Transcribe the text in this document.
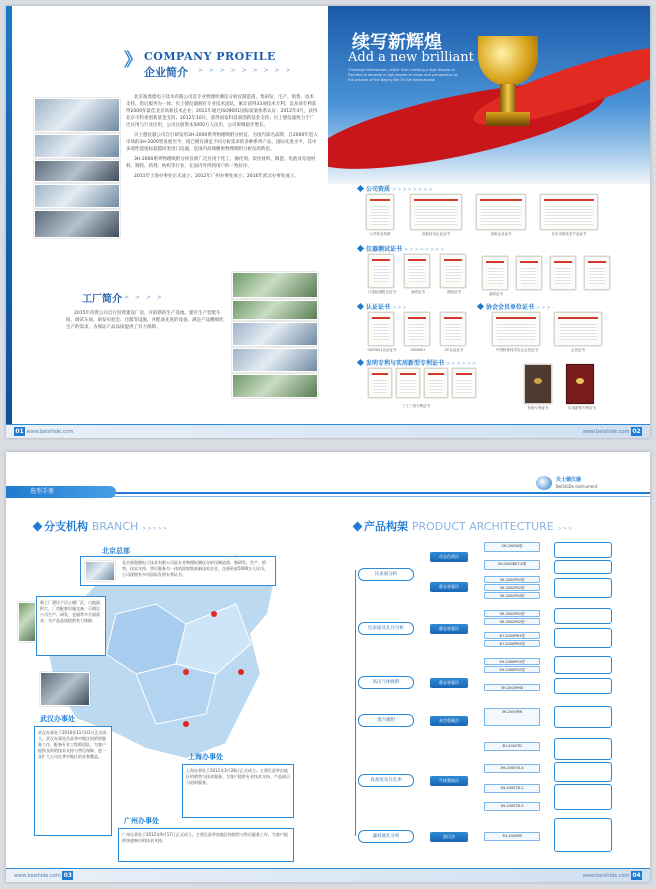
》 COMPANY PROFILE
企业简介 > > > > > > > > >

北京彼奥德电子技术有限公司是专业物理检测仪分析仪制造商，集研发、生产、销售、技术支持、售后服务为一体；贝士德仪器拥有专业技术团队，累计获得33项技术专利；以多项专利获得2009年最佳北京高新技术企业；2011年通过ISO9001国际质量体系认证；2012年4月，获得北京市科委创新基金支持；2012年10月，获得国家科技部创新基金支持；贝士德仪器致力于广泛应用与行业应用，公司注册资本5000万人民币，公司规模稳步增长。

贝士德仪器公司自行研发的3H-2000系列物理吸附分析仪，为国内知名品牌，自2000年进入市场的3H-2000型发展至今，现已拥有满足不同分析需求的多种系列产品，国际先进水平，其中多项性能指标超越同类进口仪器，是国内高端精密物理吸附分析仪的典范。

3H-2000系列物理吸附分析仪被广泛应用于化工、催化剂、炭化材料、陶瓷、电池及电池材料、制药、药剂、纺织等行业，在国内外得到用户的一致好评。

2011年上海办事处正式成立；2012年广州办事处成立；2016年武汉办事处成立。

工厂简介 > > > >

2015年投资公司自行投资建设厂房，开辟新的生产基地，建有生产装配车间、调试车间、研发实验室、仓储等设施，并配备先进的设备，满足产品精细化生产的需求，为保证产品品质提供了有力保障。

续写新辉煌
Add a new brilliant
Challenge themselves, rather than climbing a high degree of Decided to develop a high degree of vision and perspective As the wisdom of the Beijing Bei Shi De International
公司资质 >>>>>>>>
公司营业执照	高新技术企业证书	高新企业证书	北京市新技术产品证书
仪器测试证书 >>>>>>>>
计量检测报告证书	测试证书	测试证书	测试证书
认证证书 >>>	协会会员单位证书 >>>
ISO9001认证证书	ISO9001	CE认证证书	中国粉体技术协会会员证书	会员证书
发明专利与实用新型专利证书 >>>>>>
三十三项专利证书	发明专利证书	实用新型专利证书
01 www.beishide.com	www.beishide.com 02
选型手册
贝士德仪器
BeiShiDe Instrument
分支机构 BRANCH >>>>>
北京总部
北京彼奥德电子技术有限公司是专业物理检测仪分析仪制造商，集研发、生产、销售、技术支持、售后服务为一体的国家级高新技术企业，注册资金5000万人民币，公司现拥有多项国际发明专利证书。
新工厂建设于贝士德厂区，占地面积大，厂房配套设施完备，可满足公司生产、研发、仓储等多方面需求，为产品品质提供有力保障。
武汉办事处
武汉办事处于2016年11月01日正式成立。武汉办事处负责华中地区的销售服务工作，配备专业工程师团队，为客户提供及时的技术支持与售后保障，进一步扩大公司在华中地区的业务覆盖。	上海办事处
上海办事处于2011年3月28日正式成立。主要负责华东地区的销售与技术服务，为客户提供专业技术支持、产品演示与培训服务。
广州办事处
广州办事处于2012年9月17日正式成立。主要负责华南地区的销售与售后服务工作，为客户提供快速响应的技术支持。
产品构架 PRODUCT ARCHITECTURE >>>
比表面分析
动态色谱法
静态容量法
3H-2000A型
3H-2000BET-A型
3H-2000PS1型
3H-2000PS2型
3H-2000PS4型
比表面及孔径分析	静态容量法
3H-2000PS1型
3H-2000PS2型
3H-2000PM1型
3H-2000PM2型
高压气体吸附	静态容量法
3H-2000PH1型
3H-2000PH2型
3H-2000PHD
蒸汽吸附	真空重量法
3H-2000PW
真密度及开孔率	气体置换法
3H-2000TD
3H-2000TD-4
3H-2000TD-2
3H-2000TD-5
滤材通孔分析	泡压法	3H-2000PB
www.beishide.com 03	www.beishide.com 04
